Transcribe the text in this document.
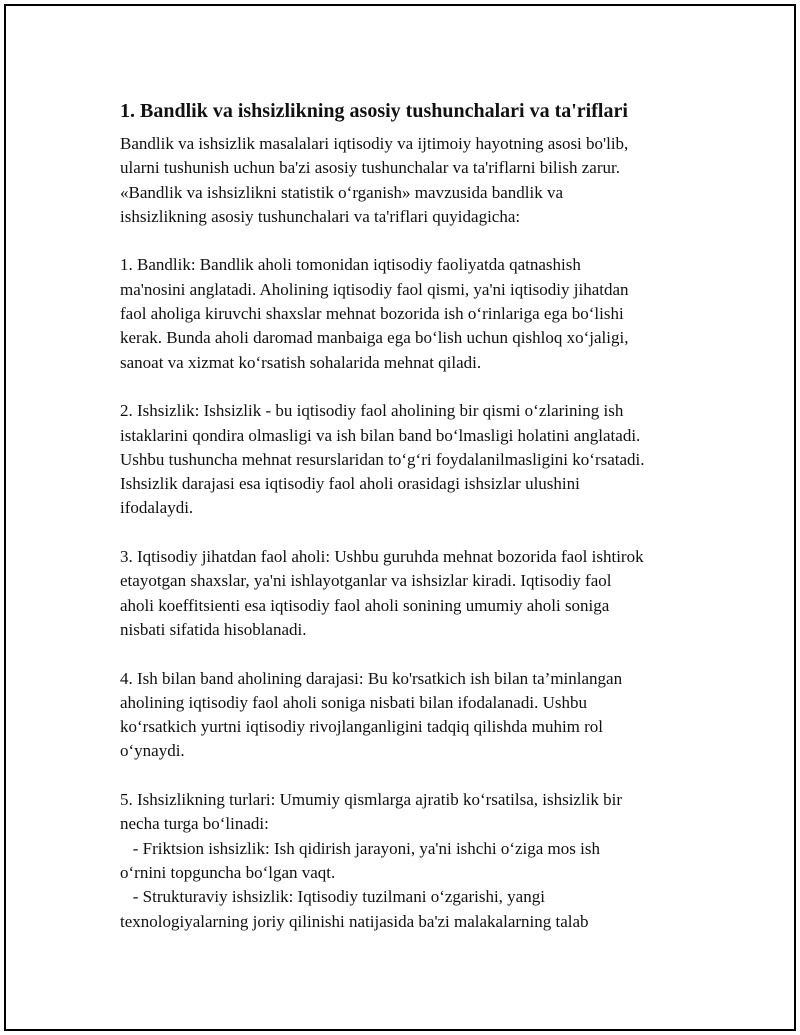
1. Bandlik va ishsizlikning asosiy tushunchalari va ta'riflari
Bandlik va ishsizlik masalalari iqtisodiy va ijtimoiy hayotning asosi bo'lib,
ularni tushunish uchun ba'zi asosiy tushunchalar va ta'riflarni bilish zarur.
«Bandlik va ishsizlikni statistik o‘rganish» mavzusida bandlik va
ishsizlikning asosiy tushunchalari va ta'riflari quyidagicha:
1. Bandlik: Bandlik aholi tomonidan iqtisodiy faoliyatda qatnashish
ma'nosini anglatadi. Aholining iqtisodiy faol qismi, ya'ni iqtisodiy jihatdan
faol aholiga kiruvchi shaxslar mehnat bozorida ish o‘rinlariga ega bo‘lishi
kerak. Bunda aholi daromad manbaiga ega bo‘lish uchun qishloq xo‘jaligi,
sanoat va xizmat ko‘rsatish sohalarida mehnat qiladi.
2. Ishsizlik: Ishsizlik - bu iqtisodiy faol aholining bir qismi o‘zlarining ish
istaklarini qondira olmasligi va ish bilan band bo‘lmasligi holatini anglatadi.
Ushbu tushuncha mehnat resurslaridan to‘g‘ri foydalanilmasligini ko‘rsatadi.
Ishsizlik darajasi esa iqtisodiy faol aholi orasidagi ishsizlar ulushini
ifodalaydi.
3. Iqtisodiy jihatdan faol aholi: Ushbu guruhda mehnat bozorida faol ishtirok
etayotgan shaxslar, ya'ni ishlayotganlar va ishsizlar kiradi. Iqtisodiy faol
aholi koeffitsienti esa iqtisodiy faol aholi sonining umumiy aholi soniga
nisbati sifatida hisoblanadi.
4. Ish bilan band aholining darajasi: Bu ko'rsatkich ish bilan ta’minlangan
aholining iqtisodiy faol aholi soniga nisbati bilan ifodalanadi. Ushbu
ko‘rsatkich yurtni iqtisodiy rivojlanganligini tadqiq qilishda muhim rol
o‘ynaydi.
5. Ishsizlikning turlari: Umumiy qismlarga ajratib ko‘rsatilsa, ishsizlik bir
necha turga bo‘linadi:
- Friktsion ishsizlik: Ish qidirish jarayoni, ya'ni ishchi o‘ziga mos ish
o‘rnini topguncha bo‘lgan vaqt.
- Strukturaviy ishsizlik: Iqtisodiy tuzilmani o‘zgarishi, yangi
texnologiyalarning joriy qilinishi natijasida ba'zi malakalarning talab
